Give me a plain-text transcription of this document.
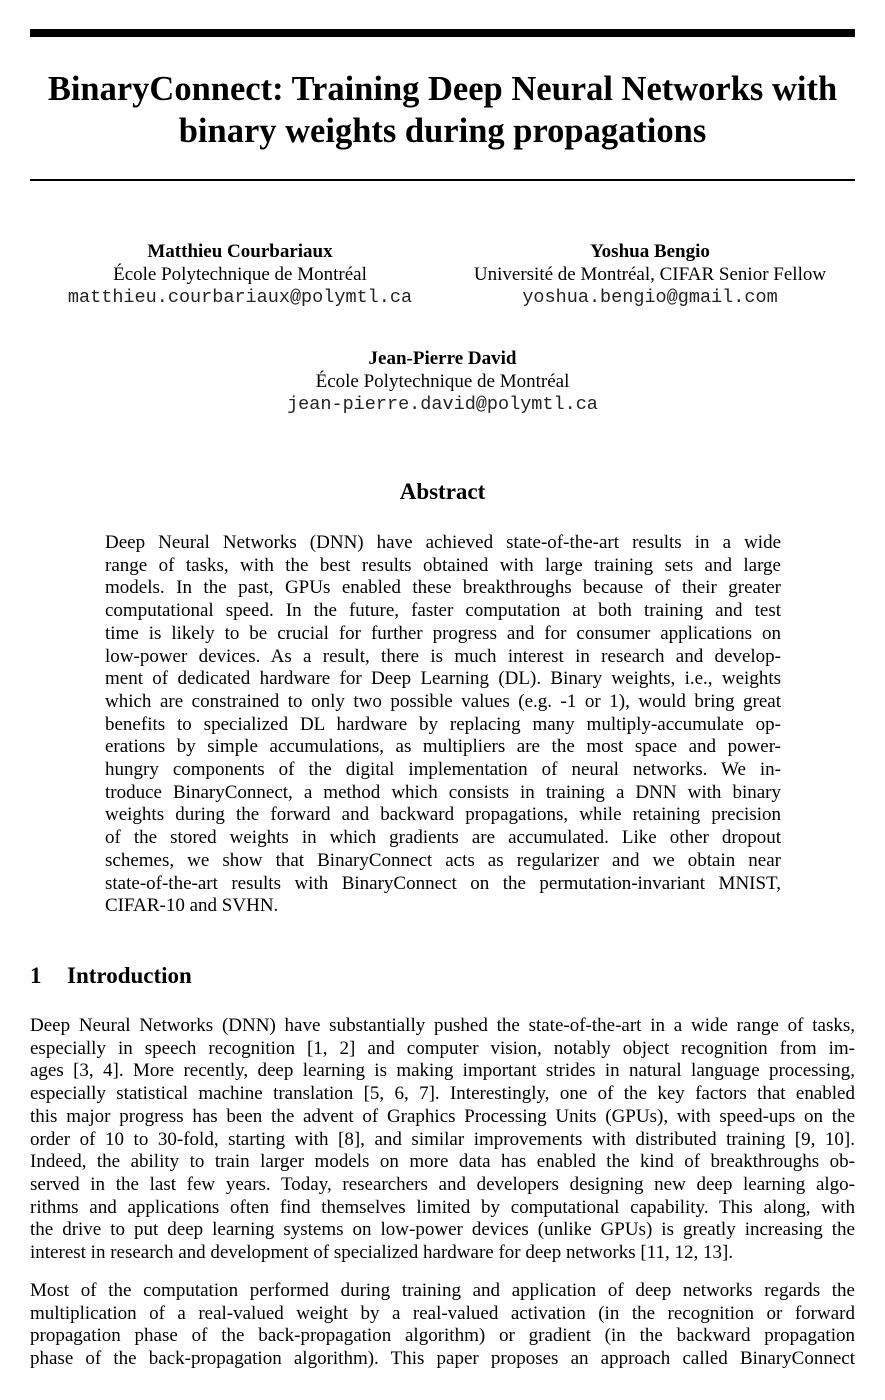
BinaryConnect: Training Deep Neural Networks with
binary weights during propagations
Matthieu Courbariaux
École Polytechnique de Montréal
matthieu.courbariaux@polymtl.ca
Yoshua Bengio
Université de Montréal, CIFAR Senior Fellow
yoshua.bengio@gmail.com
Jean-Pierre David
École Polytechnique de Montréal
jean-pierre.david@polymtl.ca
Abstract
Deep Neural Networks (DNN) have achieved state-of-the-art results in a wide
range of tasks, with the best results obtained with large training sets and large
models. In the past, GPUs enabled these breakthroughs because of their greater
computational speed. In the future, faster computation at both training and test
time is likely to be crucial for further progress and for consumer applications on
low-power devices. As a result, there is much interest in research and develop-
ment of dedicated hardware for Deep Learning (DL). Binary weights, i.e., weights
which are constrained to only two possible values (e.g. -1 or 1), would bring great
benefits to specialized DL hardware by replacing many multiply-accumulate op-
erations by simple accumulations, as multipliers are the most space and power-
hungry components of the digital implementation of neural networks. We in-
troduce BinaryConnect, a method which consists in training a DNN with binary
weights during the forward and backward propagations, while retaining precision
of the stored weights in which gradients are accumulated. Like other dropout
schemes, we show that BinaryConnect acts as regularizer and we obtain near
state-of-the-art results with BinaryConnect on the permutation-invariant MNIST,
CIFAR-10 and SVHN.
1 Introduction
Deep Neural Networks (DNN) have substantially pushed the state-of-the-art in a wide range of tasks,
especially in speech recognition [1, 2] and computer vision, notably object recognition from im-
ages [3, 4]. More recently, deep learning is making important strides in natural language processing,
especially statistical machine translation [5, 6, 7]. Interestingly, one of the key factors that enabled
this major progress has been the advent of Graphics Processing Units (GPUs), with speed-ups on the
order of 10 to 30-fold, starting with [8], and similar improvements with distributed training [9, 10].
Indeed, the ability to train larger models on more data has enabled the kind of breakthroughs ob-
served in the last few years. Today, researchers and developers designing new deep learning algo-
rithms and applications often find themselves limited by computational capability. This along, with
the drive to put deep learning systems on low-power devices (unlike GPUs) is greatly increasing the
interest in research and development of specialized hardware for deep networks [11, 12, 13].
Most of the computation performed during training and application of deep networks regards the
multiplication of a real-valued weight by a real-valued activation (in the recognition or forward
propagation phase of the back-propagation algorithm) or gradient (in the backward propagation
phase of the back-propagation algorithm). This paper proposes an approach called BinaryConnect
